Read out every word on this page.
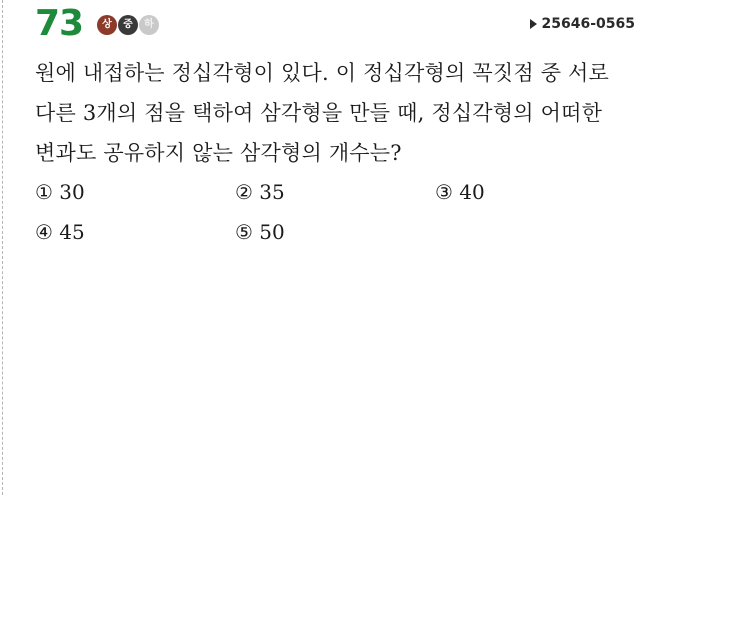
73	상	중	하	25646-0565
원에 내접하는 정십각형이 있다. 이 정십각형의 꼭짓점 중 서로
다른 3개의 점을 택하여 삼각형을 만들 때, 정십각형의 어떠한
변과도 공유하지 않는 삼각형의 개수는?
① 30	② 35	③ 40
④ 45	⑤ 50
